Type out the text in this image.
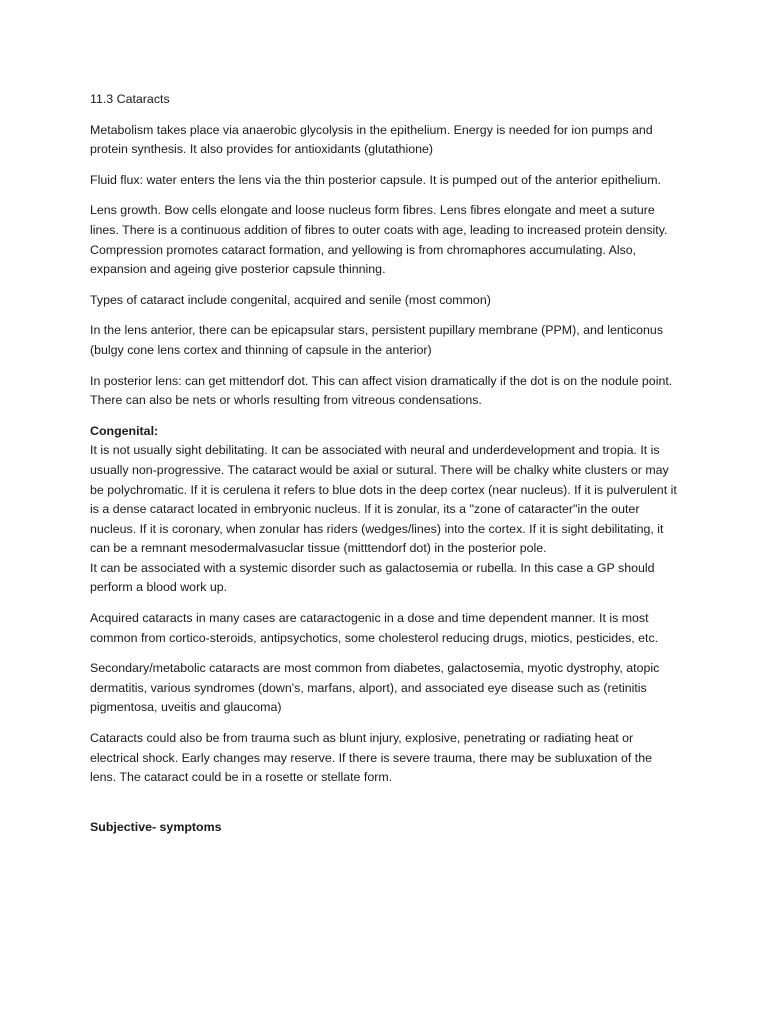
11.3 Cataracts

Metabolism takes place via anaerobic glycolysis in the epithelium. Energy is needed for ion pumps and protein synthesis. It also provides for antioxidants (glutathione)

Fluid flux: water enters the lens via the thin posterior capsule. It is pumped out of the anterior epithelium.

Lens growth. Bow cells elongate and loose nucleus form fibres. Lens fibres elongate and meet a suture lines. There is a continuous addition of fibres to outer coats with age, leading to increased protein density. Compression promotes cataract formation, and yellowing is from chromaphores accumulating. Also, expansion and ageing give posterior capsule thinning.

Types of cataract include congenital, acquired and senile (most common)

In the lens anterior, there can be epicapsular stars, persistent pupillary membrane (PPM), and lenticonus (bulgy cone lens cortex and thinning of capsule in the anterior)

In posterior lens: can get mittendorf dot. This can affect vision dramatically if the dot is on the nodule point. There can also be nets or whorls resulting from vitreous condensations.

Congenital:

It is not usually sight debilitating. It can be associated with neural and underdevelopment and tropia. It is usually non-progressive. The cataract would be axial or sutural. There will be chalky white clusters or may be polychromatic. If it is cerulena it refers to blue dots in the deep cortex (near nucleus). If it is pulverulent it is a dense cataract located in embryonic nucleus. If it is zonular, its a "zone of cataracter"in the outer nucleus. If it is coronary, when zonular has riders (wedges/lines) into the cortex. If it is sight debilitating, it can be a remnant mesodermalvasuclar tissue (mitttendorf dot) in the posterior pole.

It can be associated with a systemic disorder such as galactosemia or rubella. In this case a GP should perform a blood work up.

Acquired cataracts in many cases are cataractogenic in a dose and time dependent manner. It is most common from cortico-steroids, antipsychotics, some cholesterol reducing drugs, miotics, pesticides, etc.

Secondary/metabolic cataracts are most common from diabetes, galactosemia, myotic dystrophy, atopic dermatitis, various syndromes (down's, marfans, alport), and associated eye disease such as (retinitis pigmentosa, uveitis and glaucoma)

Cataracts could also be from trauma such as blunt injury, explosive, penetrating or radiating heat or electrical shock. Early changes may reserve. If there is severe trauma, there may be subluxation of the lens. The cataract could be in a rosette or stellate form.

Subjective- symptoms
